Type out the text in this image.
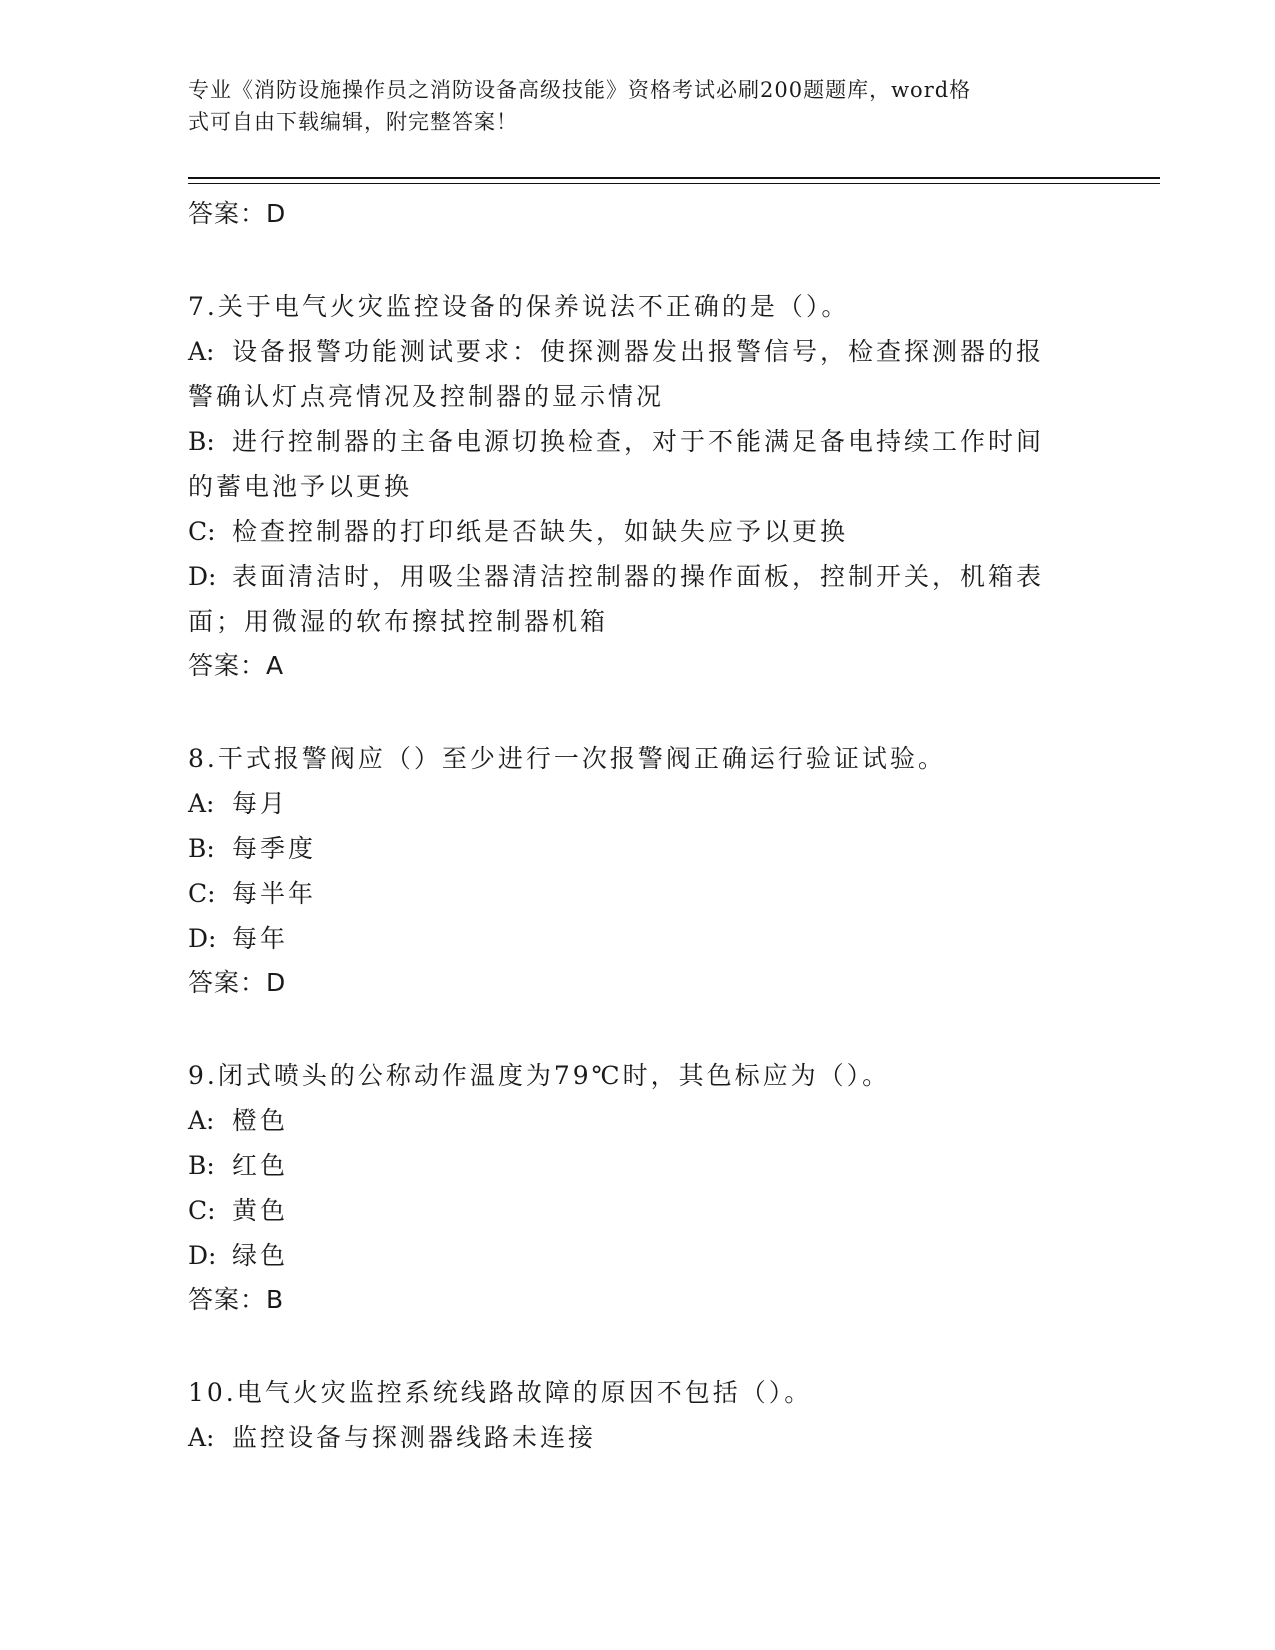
专业《消防设施操作员之消防设备高级技能》资格考试必刷200题题库，word格
式可自由下载编辑，附完整答案！
答案：D
7.关于电气火灾监控设备的保养说法不正确的是（）。
A: 设备报警功能测试要求：使探测器发出报警信号，检查探测器的报
警确认灯点亮情况及控制器的显示情况
B: 进行控制器的主备电源切换检查，对于不能满足备电持续工作时间
的蓄电池予以更换
C: 检查控制器的打印纸是否缺失，如缺失应予以更换
D: 表面清洁时，用吸尘器清洁控制器的操作面板，控制开关，机箱表
面；用微湿的软布擦拭控制器机箱
答案：A
8.干式报警阀应（）至少进行一次报警阀正确运行验证试验。
A: 每月
B: 每季度
C: 每半年
D: 每年
答案：D
9.闭式喷头的公称动作温度为79℃时，其色标应为（）。
A: 橙色
B: 红色
C: 黄色
D: 绿色
答案：B
10.电气火灾监控系统线路故障的原因不包括（）。
A: 监控设备与探测器线路未连接
